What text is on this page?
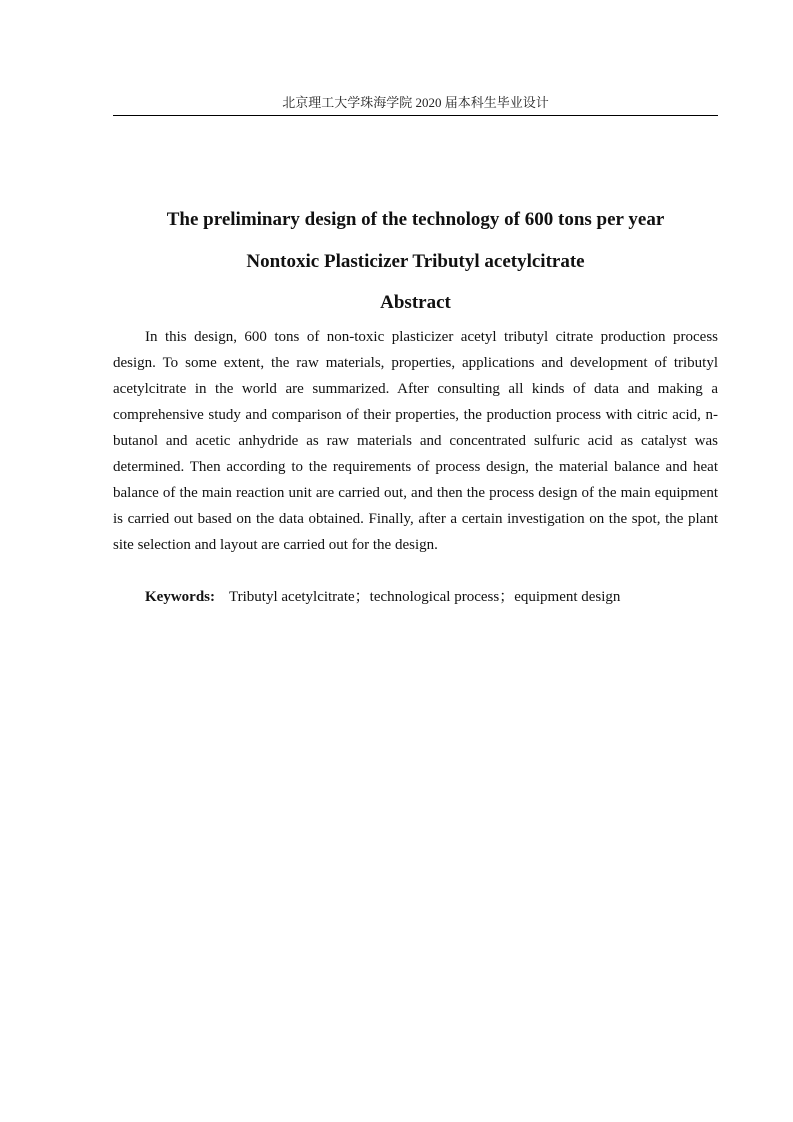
北京理工大学珠海学院 2020 届本科生毕业设计
The preliminary design of the technology of 600 tons per year
Nontoxic Plasticizer Tributyl acetylcitrate
Abstract

In this design, 600 tons of non-toxic plasticizer acetyl tributyl citrate production process design. To some extent, the raw materials, properties, applications and development of tributyl acetylcitrate in the world are summarized. After consulting all kinds of data and making a comprehensive study and comparison of their properties, the production process with citric acid, n-butanol and acetic anhydride as raw materials and concentrated sulfuric acid as catalyst was determined. Then according to the requirements of process design, the material balance and heat balance of the main reaction unit are carried out, and then the process design of the main equipment is carried out based on the data obtained. Finally, after a certain investigation on the spot, the plant site selection and layout are carried out for the design.

Keywords: Tributyl acetylcitrate；technological process；equipment design
